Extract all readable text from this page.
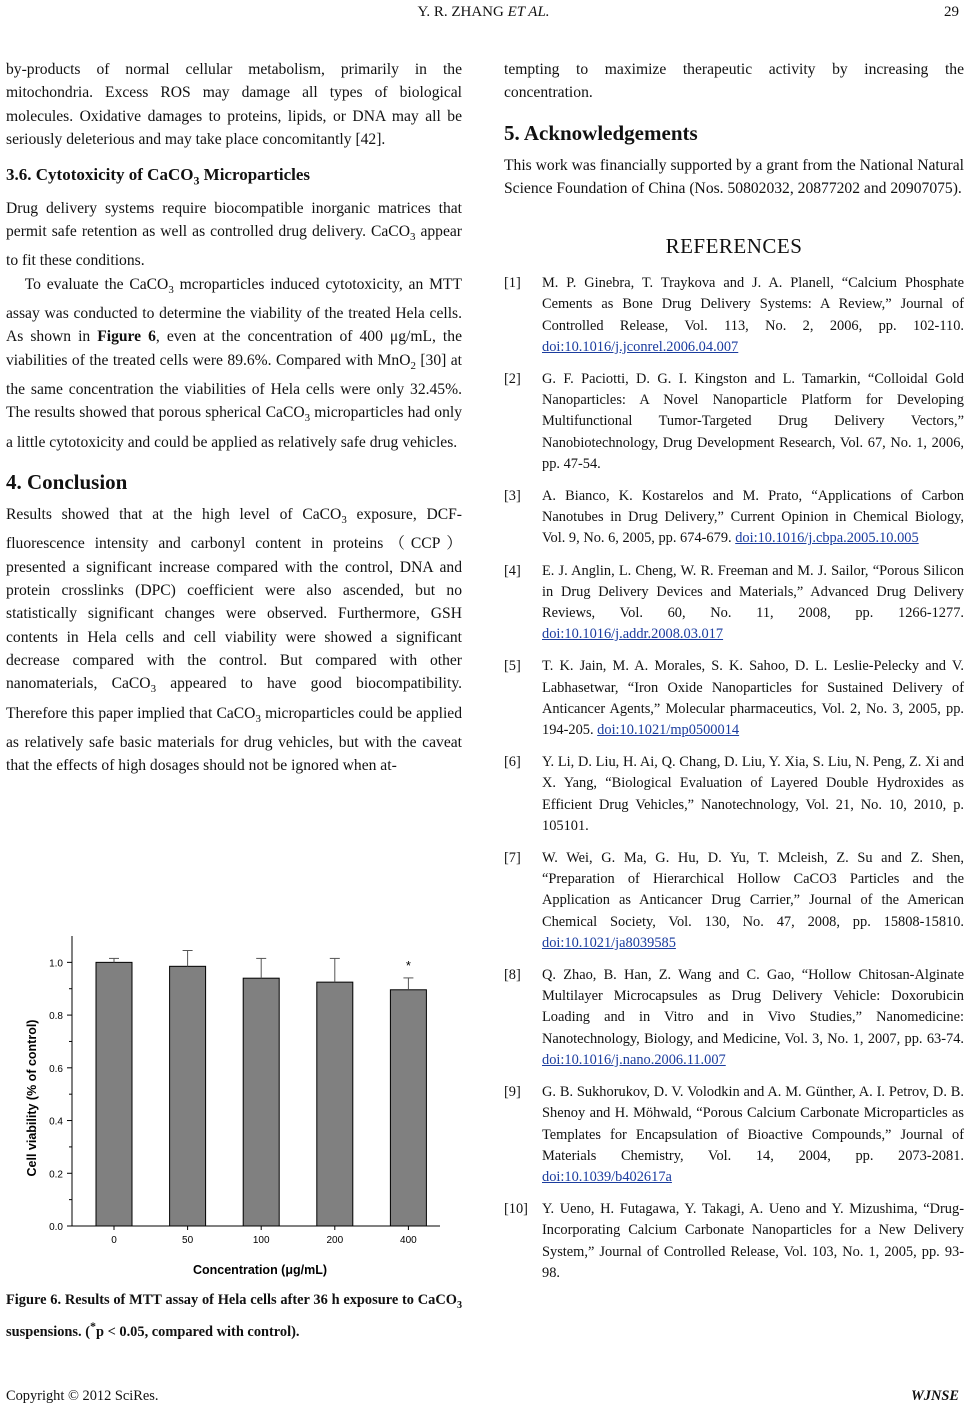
Y. R. ZHANG ET AL.	29

by-products of normal cellular metabolism, primarily in the mitochondria. Excess ROS may damage all types of biological molecules. Oxidative damages to proteins, lipids, or DNA may all be seriously deleterious and may take place concomitantly [42].

3.6. Cytotoxicity of CaCO$_3$ Microparticles

Drug delivery systems require biocompatible inorganic matrices that permit safe retention as well as controlled drug delivery. CaCO$_3$ appear to fit these conditions.

To evaluate the CaCO$_3$ mcroparticles induced cytotoxicity, an MTT assay was conducted to determine the viability of the treated Hela cells. As shown in Figure 6, even at the concentration of 400 μg/mL, the viabilities of the treated cells were 89.6%. Compared with MnO$_2$ [30] at the same concentration the viabilities of Hela cells were only 32.45%. The results showed that porous spherical CaCO$_3$ microparticles had only a little cytotoxicity and could be applied as relatively safe drug vehicles.

4. Conclusion

Results showed that at the high level of CaCO$_3$ exposure, DCF-fluorescence intensity and carbonyl content in proteins（CCP） presented a significant increase compared with the control, DNA and protein crosslinks (DPC) coefficient were also ascended, but no statistically significant changes were observed. Furthermore, GSH contents in Hela cells and cell viability were showed a significant decrease compared with the control. But compared with other nanomaterials, CaCO$_3$ appeared to have good biocompatibility. Therefore this paper implied that CaCO$_3$ microparticles could be applied as relatively safe basic materials for drug vehicles, but with the caveat that the effects of high dosages should not be ignored when at-

0.0
0.2
0.4
0.6
0.8
1.0
0	50	100	200	400
*
Cell viability (% of control)
Concentration (μg/mL)
Figure 6. Results of MTT assay of Hela cells after 36 h exposure to CaCO$_3$ suspensions. (*p < 0.05, compared with control).

tempting to maximize therapeutic activity by increasing the concentration.

5. Acknowledgements

This work was financially supported by a grant from the National Natural Science Foundation of China (Nos. 50802032, 20877202 and 20907075).

REFERENCES
[1] M. P. Ginebra, T. Traykova and J. A. Planell, “Calcium Phosphate Cements as Bone Drug Delivery Systems: A Review,” Journal of Controlled Release, Vol. 113, No. 2, 2006, pp. 102-110. doi:10.1016/j.jconrel.2006.04.007
[2] G. F. Paciotti, D. G. I. Kingston and L. Tamarkin, “Colloidal Gold Nanoparticles: A Novel Nanoparticle Platform for Developing Multifunctional Tumor-Targeted Drug Delivery Vectors,” Nanobiotechnology, Drug Development Research, Vol. 67, No. 1, 2006, pp. 47-54.
[3] A. Bianco, K. Kostarelos and M. Prato, “Applications of Carbon Nanotubes in Drug Delivery,” Current Opinion in Chemical Biology, Vol. 9, No. 6, 2005, pp. 674-679. doi:10.1016/j.cbpa.2005.10.005
[4] E. J. Anglin, L. Cheng, W. R. Freeman and M. J. Sailor, “Porous Silicon in Drug Delivery Devices and Materials,” Advanced Drug Delivery Reviews, Vol. 60, No. 11, 2008, pp. 1266-1277. doi:10.1016/j.addr.2008.03.017
[5] T. K. Jain, M. A. Morales, S. K. Sahoo, D. L. Leslie-Pelecky and V. Labhasetwar, “Iron Oxide Nanoparticles for Sustained Delivery of Anticancer Agents,” Molecular pharmaceutics, Vol. 2, No. 3, 2005, pp. 194-205. doi:10.1021/mp0500014
[6] Y. Li, D. Liu, H. Ai, Q. Chang, D. Liu, Y. Xia, S. Liu, N. Peng, Z. Xi and X. Yang, “Biological Evaluation of Layered Double Hydroxides as Efficient Drug Vehicles,” Nanotechnology, Vol. 21, No. 10, 2010, p. 105101.
[7] W. Wei, G. Ma, G. Hu, D. Yu, T. Mcleish, Z. Su and Z. Shen, “Preparation of Hierarchical Hollow CaCO3 Particles and the Application as Anticancer Drug Carrier,” Journal of the American Chemical Society, Vol. 130, No. 47, 2008, pp. 15808-15810. doi:10.1021/ja8039585
[8] Q. Zhao, B. Han, Z. Wang and C. Gao, “Hollow Chitosan-Alginate Multilayer Microcapsules as Drug Delivery Vehicle: Doxorubicin Loading and in Vitro and in Vivo Studies,” Nanomedicine: Nanotechnology, Biology, and Medicine, Vol. 3, No. 1, 2007, pp. 63-74. doi:10.1016/j.nano.2006.11.007
[9] G. B. Sukhorukov, D. V. Volodkin and A. M. Günther, A. I. Petrov, D. B. Shenoy and H. Möhwald, “Porous Calcium Carbonate Microparticles as Templates for Encapsulation of Bioactive Compounds,” Journal of Materials Chemistry, Vol. 14, 2004, pp. 2073-2081. doi:10.1039/b402617a
[10] Y. Ueno, H. Futagawa, Y. Takagi, A. Ueno and Y. Mizushima, “Drug-Incorporating Calcium Carbonate Nanoparticles for a New Delivery System,” Journal of Controlled Release, Vol. 103, No. 1, 2005, pp. 93-98.
Copyright © 2012 SciRes.	WJNSE
